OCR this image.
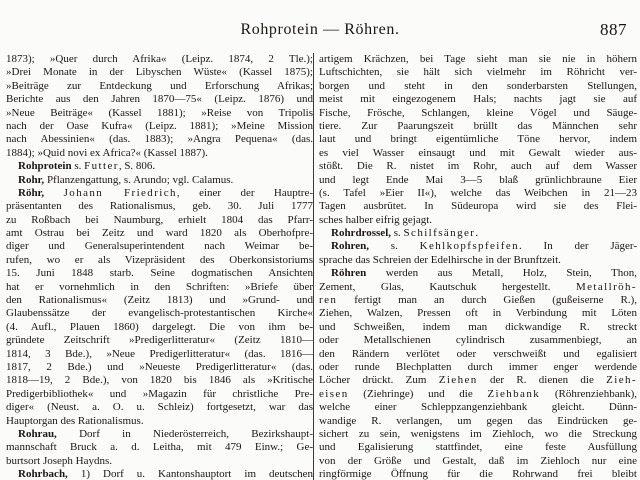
Rohprotein — Röhren.	887
1873); »Quer durch Afrika« (Leipz. 1874, 2 Tle.);
»Drei Monate in der Libyschen Wüste« (Kassel 1875);
»Beiträge zur Entdeckung und Erforschung Afrikas;
Berichte aus den Jahren 1870—75« (Leipz. 1876) und
»Neue Beiträge« (Kassel 1881); »Reise von Tripolis
nach der Oase Kufra« (Leipz. 1881); »Meine Mission
nach Abessinien« (das. 1883); »Angra Pequena« (das.
1884); »Quid novi ex Africa?« (Kassel 1887).
Rohprotein s. Futter, S. 806.
Rohr, Pflanzengattung, s. Arundo; vgl. Calamus.
Röhr, Johann Friedrich, einer der Hauptre-
präsentanten des Rationalismus, geb. 30. Juli 1777
zu Roßbach bei Naumburg, erhielt 1804 das Pfarr-
amt Ostrau bei Zeitz und ward 1820 als Oberhofpre-
diger und Generalsuperintendent nach Weimar be-
rufen, wo er als Vizepräsident des Oberkonsistoriums
15. Juni 1848 starb. Seine dogmatischen Ansichten
hat er vornehmlich in den Schriften: »Briefe über
den Rationalismus« (Zeitz 1813) und »Grund- und
Glaubenssätze der evangelisch-protestantischen Kirche«
(4. Aufl., Plauen 1860) dargelegt. Die von ihm be-
gründete Zeitschrift »Predigerlitteratur« (Zeitz 1810—
1814, 3 Bde.), »Neue Predigerlitteratur« (das. 1816—
1817, 2 Bde.) und »Neueste Predigerlitteratur« (das.
1818—19, 2 Bde.), von 1820 bis 1846 als »Kritische
Predigerbibliothek« und »Magazin für christliche Pre-
diger« (Neust. a. O. u. Schleiz) fortgesetzt, war das
Hauptorgan des Rationalismus.
Rohrau, Dorf in Niederösterreich, Bezirkshaupt-
mannschaft Bruck a. d. Leitha, mit 479 Einw.; Ge-
burtsort Joseph Haydns.
Rohrbach, 1) Dorf u. Kantonshauptort im deutschen
artigem Krächzen, bei Tage sieht man sie nie in höhern
Luftschichten, sie hält sich vielmehr im Röhricht ver-
borgen und steht in den sonderbarsten Stellungen,
meist mit eingezogenem Hals; nachts jagt sie auf
Fische, Frösche, Schlangen, kleine Vögel und Säuge-
tiere. Zur Paarungszeit brüllt das Männchen sehr
laut und bringt eigentümliche Töne hervor, indem
es viel Wasser einsaugt und mit Gewalt wieder aus-
stößt. Die R. nistet im Rohr, auch auf dem Wasser
und legt Ende Mai 3—5 blaß grünlichbraune Eier
(s. Tafel »Eier II«), welche das Weibchen in 21—23
Tagen ausbrütet. In Südeuropa wird sie des Flei-
sches halber eifrig gejagt.
Rohrdrossel, s. Schilfsänger.
Rohren, s. Kehlkopfspfeifen. In der Jäger-
sprache das Schreien der Edelhirsche in der Brunftzeit.
Röhren werden aus Metall, Holz, Stein, Thon,
Zement, Glas, Kautschuk hergestellt. Metallröh-
ren fertigt man an durch Gießen (gußeiserne R.),
Ziehen, Walzen, Pressen oft in Verbindung mit Löten
und Schweißen, indem man dickwandige R. streckt
oder Metallschienen cylindrisch zusammenbiegt, an
den Rändern verlötet oder verschweißt und egalisiert
oder runde Blechplatten durch immer enger werdende
Löcher drückt. Zum Ziehen der R. dienen die Zieh-
eisen (Ziehringe) und die Ziehbank (Röhrenziehbank),
welche einer Schleppzangenziehbank gleicht. Dünn-
wandige R. verlangen, um gegen das Eindrücken ge-
sichert zu sein, wenigstens im Ziehloch, wo die Streckung
und Egalisierung stattfindet, eine feste Ausfüllung
von der Größe und Gestalt, daß im Ziehloch nur eine
ringförmige Öffnung für die Rohrwand frei bleibt
